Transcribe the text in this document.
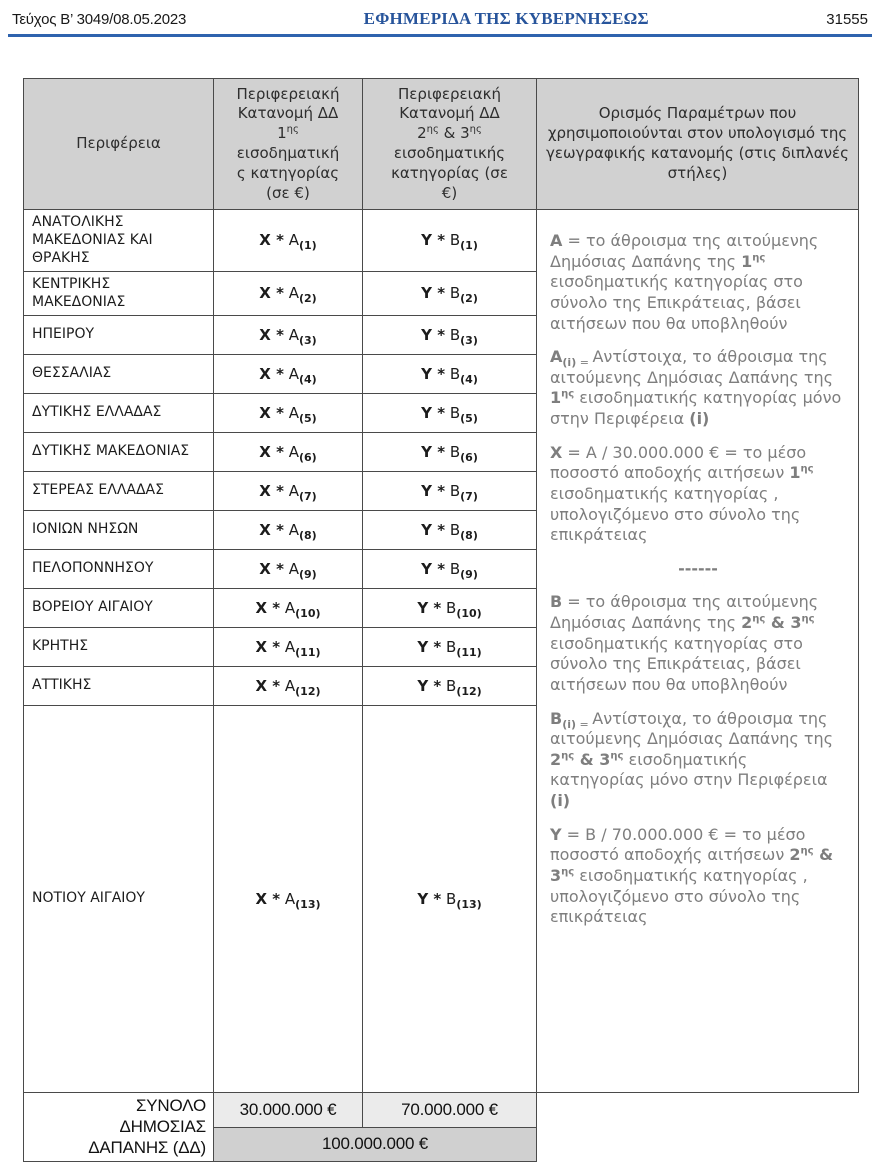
Τεύχος Β’ 3049/08.05.2023	ΕΦΗΜΕΡΙΔΑ ΤΗΣ ΚΥΒΕΡΝΗΣΕΩΣ	31555
Περιφέρεια	Περιφερειακή
Κατανομή ΔΔ
$1^{\eta\varsigma}$
εισοδηματική
ς κατηγορίας
(σε €)	Περιφερειακή
Κατανομή ΔΔ
$2^{\eta\varsigma}$ & $3^{\eta\varsigma}$
εισοδηματικής
κατηγορίας (σε
€)	Ορισμός Παραμέτρων που χρησιμοποιούνται στον υπολογισμό της γεωγραφικής κατανομής (στις διπλανές στήλες)
ΑΝΑΤΟΛΙΚΗΣ ΜΑΚΕΔΟΝΙΑΣ ΚΑΙ ΘΡΑΚΗΣ	X * $A_{(1)}$	Y * $B_{(1)}$	A = το άθροισμα της αιτούμενης Δημόσιας Δαπάνης της $1^{\eta\varsigma}$ εισοδηματικής κατηγορίας στο σύνολο της Επικράτειας, βάσει αιτήσεων που θα υποβληθούν

$A_{(i)}$ $_=$ Αντίστοιχα, το άθροισμα της αιτούμενης Δημόσιας Δαπάνης της $1^{\eta\varsigma}$ εισοδηματικής κατηγορίας μόνο στην Περιφέρεια (i)

X = A / 30.000.000 € = το μέσο ποσοστό αποδοχής αιτήσεων $1^{\eta\varsigma}$ εισοδηματικής κατηγορίας , υπολογιζόμενο στο σύνολο της επικράτειας

------

B = το άθροισμα της αιτούμενης Δημόσιας Δαπάνης της $2^{\eta\varsigma}$ & $3^{\eta\varsigma}$ εισοδηματικής κατηγορίας στο σύνολο της Επικράτειας, βάσει αιτήσεων που θα υποβληθούν

$B_{(i)}$ $_=$ Αντίστοιχα, το άθροισμα της αιτούμενης Δημόσιας Δαπάνης της $2^{\eta\varsigma}$ & $3^{\eta\varsigma}$ εισοδηματικής κατηγορίας μόνο στην Περιφέρεια (i)

Y = B / 70.000.000 € = το μέσο ποσοστό αποδοχής αιτήσεων $2^{\eta\varsigma}$ & $3^{\eta\varsigma}$ εισοδηματικής κατηγορίας , υπολογιζόμενο στο σύνολο της επικράτειας

ΚΕΝΤΡΙΚΗΣ ΜΑΚΕΔΟΝΙΑΣ	X * $A_{(2)}$	Y * $B_{(2)}$
ΗΠΕΙΡΟΥ	X * $A_{(3)}$	Y * $B_{(3)}$
ΘΕΣΣΑΛΙΑΣ	X * $A_{(4)}$	Y * $B_{(4)}$
ΔΥΤΙΚΗΣ ΕΛΛΑΔΑΣ	X * $A_{(5)}$	Y * $B_{(5)}$
ΔΥΤΙΚΗΣ ΜΑΚΕΔΟΝΙΑΣ	X * $A_{(6)}$	Y * $B_{(6)}$
ΣΤΕΡΕΑΣ ΕΛΛΑΔΑΣ	X * $A_{(7)}$	Y * $B_{(7)}$
ΙΟΝΙΩΝ ΝΗΣΩΝ	X * $A_{(8)}$	Y * $B_{(8)}$
ΠΕΛΟΠΟΝΝΗΣΟΥ	X * $A_{(9)}$	Y * $B_{(9)}$
ΒΟΡΕΙΟΥ ΑΙΓΑΙΟΥ	X * $A_{(10)}$	Y * $B_{(10)}$
ΚΡΗΤΗΣ	X * $A_{(11)}$	Y * $B_{(11)}$
ΑΤΤΙΚΗΣ	X * $A_{(12)}$	Y * $B_{(12)}$
ΝΟΤΙΟΥ ΑΙΓΑΙΟΥ	X * $A_{(13)}$	Y * $B_{(13)}$
ΣΥΝΟΛΟ
ΔΗΜΟΣΙΑΣ
ΔΑΠΑΝΗΣ (ΔΔ)	30.000.000 €	70.000.000 €	
	100.000.000 €		
